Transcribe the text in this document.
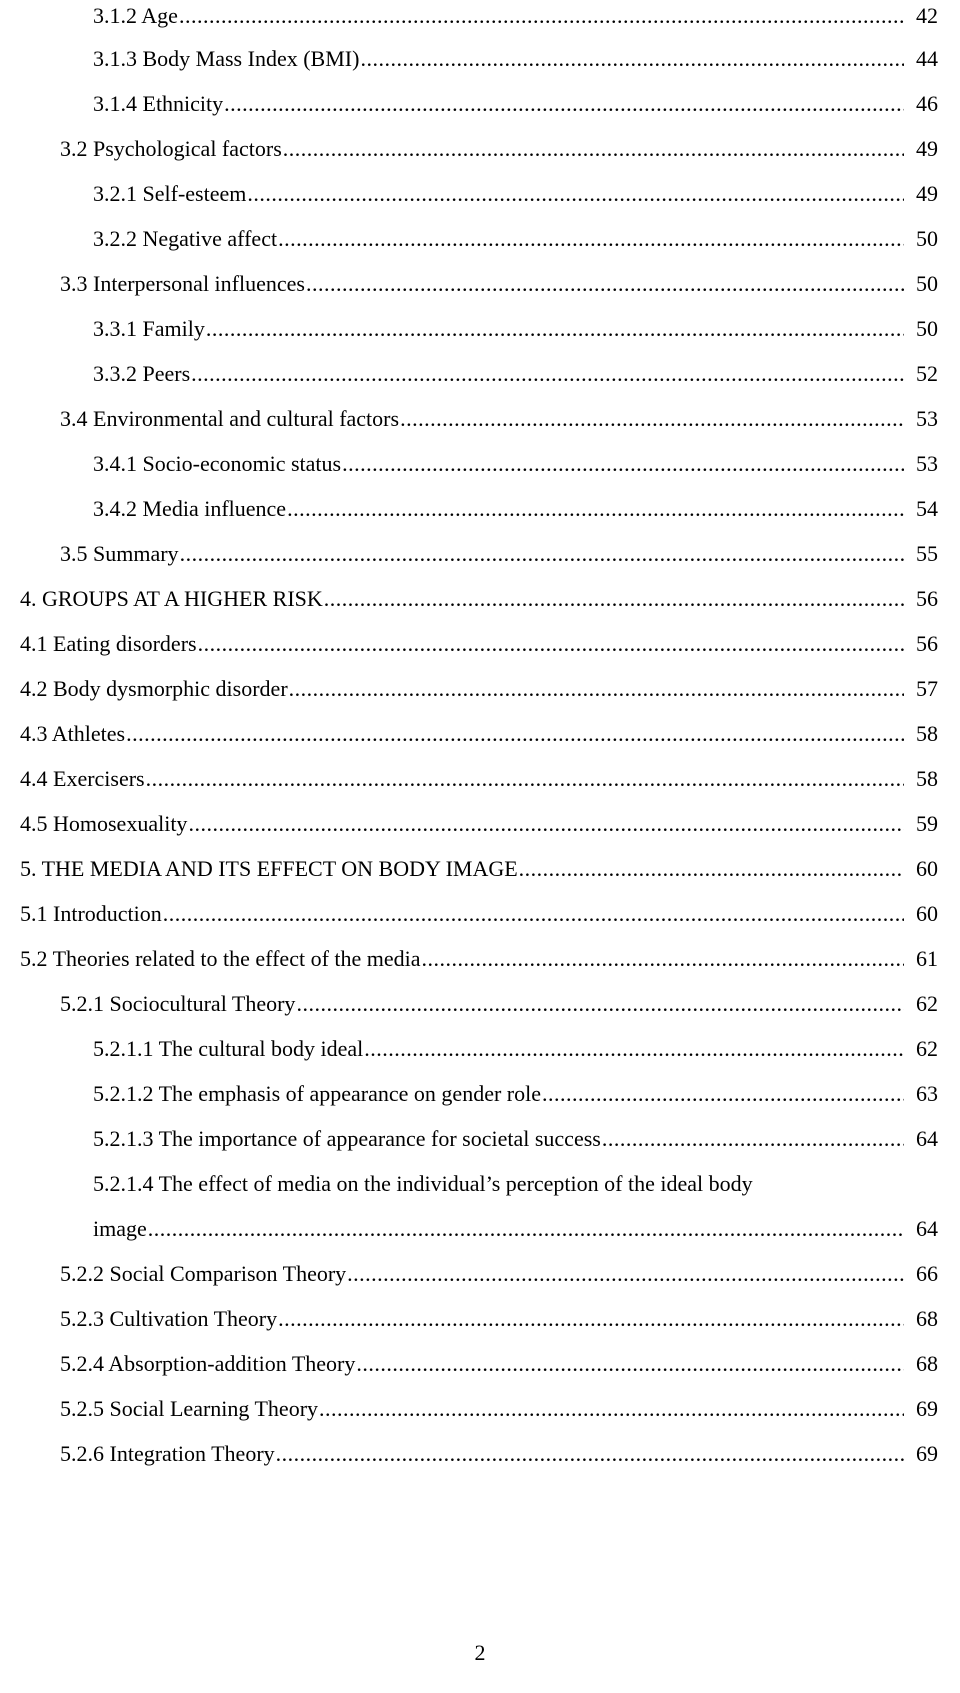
3.1.2 Age .....	42
3.1.3 Body Mass Index (BMI) .....	44
3.1.4 Ethnicity .....	46
3.2 Psychological factors .....	49
3.2.1 Self-esteem .....	49
3.2.2 Negative affect .....	50
3.3 Interpersonal influences .....	50
3.3.1 Family .....	50
3.3.2 Peers .....	52
3.4 Environmental and cultural factors .....	53
3.4.1 Socio-economic status .....	53
3.4.2 Media influence .....	54
3.5 Summary .....	55
4. GROUPS AT A HIGHER RISK .....	56
4.1 Eating disorders .....	56
4.2 Body dysmorphic disorder .....	57
4.3 Athletes .....	58
4.4 Exercisers .....	58
4.5 Homosexuality .....	59
5. THE MEDIA AND ITS EFFECT ON BODY IMAGE .....	60
5.1 Introduction .....	60
5.2 Theories related to the effect of the media .....	61
5.2.1 Sociocultural Theory .....	62
5.2.1.1 The cultural body ideal .....	62
5.2.1.2 The emphasis of appearance on gender role .....	63
5.2.1.3 The importance of appearance for societal success .....	64
5.2.1.4 The effect of media on the individual’s perception of the ideal body
image .....	64
5.2.2 Social Comparison Theory .....	66
5.2.3 Cultivation Theory .....	68
5.2.4 Absorption-addition Theory .....	68
5.2.5 Social Learning Theory .....	69
5.2.6 Integration Theory .....	69
2
